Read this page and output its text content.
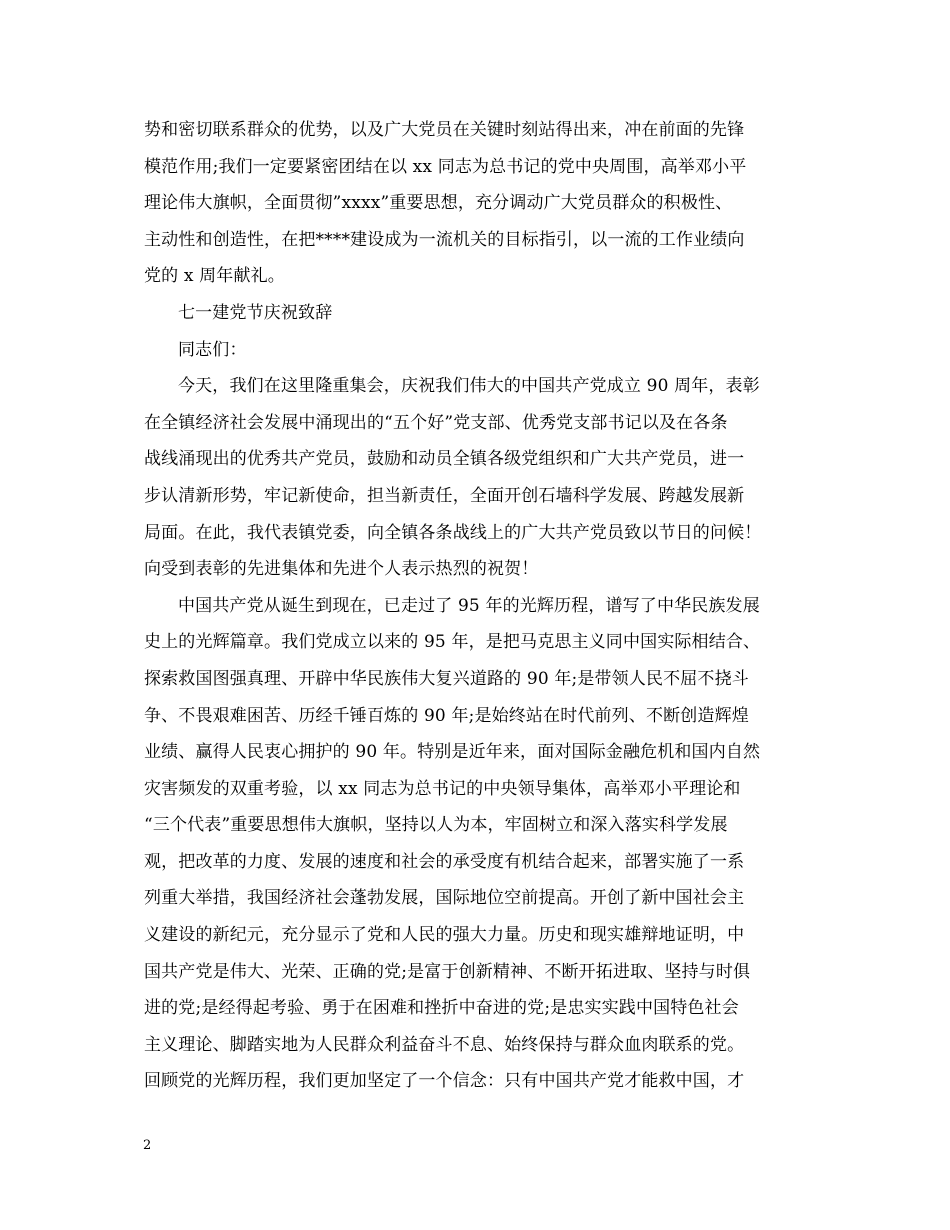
势和密切联系群众的优势，以及广大党员在关键时刻站得出来，冲在前面的先锋
模范作用;我们一定要紧密团结在以 xx 同志为总书记的党中央周围，高举邓小平
理论伟大旗帜，全面贯彻”xxxx”重要思想，充分调动广大党员群众的积极性、
主动性和创造性，在把****建设成为一流机关的目标指引，以一流的工作业绩向
党的 x 周年献礼。
七一建党节庆祝致辞
同志们：
今天，我们在这里隆重集会，庆祝我们伟大的中国共产党成立 90 周年，表彰
在全镇经济社会发展中涌现出的“五个好”党支部、优秀党支部书记以及在各条
战线涌现出的优秀共产党员，鼓励和动员全镇各级党组织和广大共产党员，进一
步认清新形势，牢记新使命，担当新责任，全面开创石墙科学发展、跨越发展新
局面。在此，我代表镇党委，向全镇各条战线上的广大共产党员致以节日的问候！
向受到表彰的先进集体和先进个人表示热烈的祝贺！
中国共产党从诞生到现在，已走过了 95 年的光辉历程，谱写了中华民族发展
史上的光辉篇章。我们党成立以来的 95 年，是把马克思主义同中国实际相结合、
探索救国图强真理、开辟中华民族伟大复兴道路的 90 年;是带领人民不屈不挠斗
争、不畏艰难困苦、历经千锤百炼的 90 年;是始终站在时代前列、不断创造辉煌
业绩、赢得人民衷心拥护的 90 年。特别是近年来，面对国际金融危机和国内自然
灾害频发的双重考验，以 xx 同志为总书记的中央领导集体，高举邓小平理论和
“三个代表”重要思想伟大旗帜，坚持以人为本，牢固树立和深入落实科学发展
观，把改革的力度、发展的速度和社会的承受度有机结合起来，部署实施了一系
列重大举措，我国经济社会蓬勃发展，国际地位空前提高。开创了新中国社会主
义建设的新纪元，充分显示了党和人民的强大力量。历史和现实雄辩地证明，中
国共产党是伟大、光荣、正确的党;是富于创新精神、不断开拓进取、坚持与时俱
进的党;是经得起考验、勇于在困难和挫折中奋进的党;是忠实实践中国特色社会
主义理论、脚踏实地为人民群众利益奋斗不息、始终保持与群众血肉联系的党。
回顾党的光辉历程，我们更加坚定了一个信念：只有中国共产党才能救中国，才
2
